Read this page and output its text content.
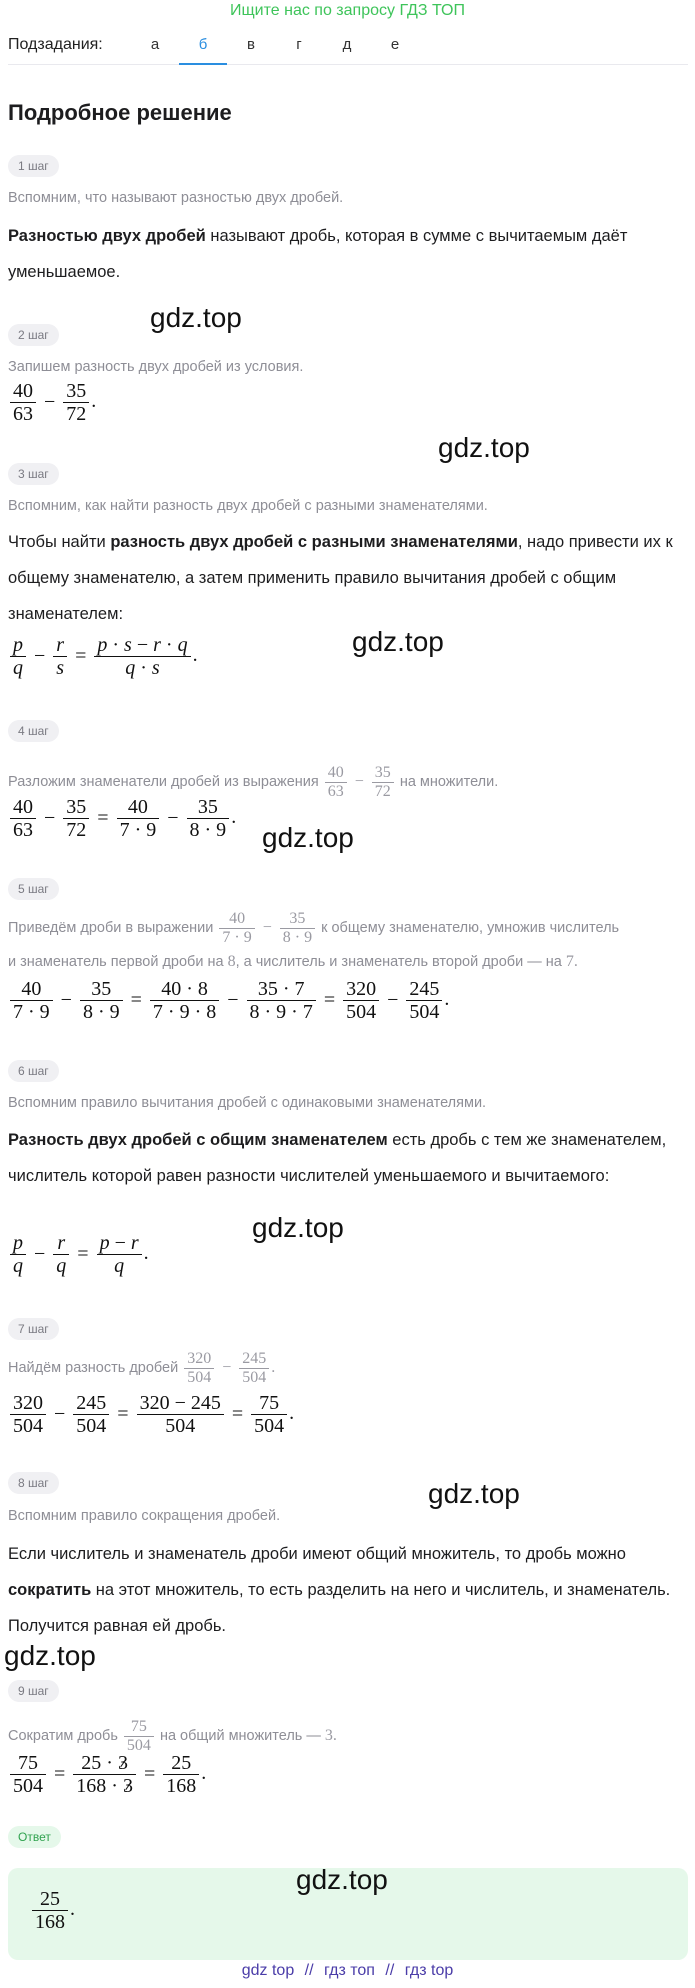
Ищите нас по запросу ГДЗ ТОП
Подзадания:	а	б	в	г	д	е
Подробное решение
1 шаг
Вспомним, что называют разностью двух дробей.
Разностью двух дробей называют дробь, которая в сумме с вычитаемым даёт уменьшаемое.
2 шаг
Запишем разность двух дробей из условия.
$\frac{40}{63} - \frac{35}{72}$ .
3 шаг
Вспомним, как найти разность двух дробей с разными знаменателями.
Чтобы найти разность двух дробей с разными знаменателями, надо привести их к общему знаменателю, а затем применить правило вычитания дробей с общим знаменателем:
$\frac{p}{q} - \frac{r}{s} = \frac{p \cdot s - r \cdot q}{q \cdot s}$ .
4 шаг
Разложим знаменатели дробей из выражения $\frac{40}{63} - \frac{35}{72}$ на множители.
$\frac{40}{63} - \frac{35}{72} = \frac{40}{7 \cdot 9} - \frac{35}{8 \cdot 9}$ .
5 шаг
Приведём дроби в выражении $\frac{40}{7 \cdot 9} - \frac{35}{8 \cdot 9}$ к общему знаменателю, умножив числитель
и знаменатель первой дроби на 8, а числитель и знаменатель второй дроби — на 7.
$\frac{40}{7 \cdot 9} - \frac{35}{8 \cdot 9} = \frac{40 \cdot 8}{7 \cdot 9 \cdot 8} - \frac{35 \cdot 7}{8 \cdot 9 \cdot 7} = \frac{320}{504} - \frac{245}{504}$ .
6 шаг
Вспомним правило вычитания дробей с одинаковыми знаменателями.
Разность двух дробей с общим знаменателем есть дробь с тем же знаменателем, числитель которой равен разности числителей уменьшаемого и вычитаемого:
$\frac{p}{q} - \frac{r}{q} = \frac{p - r}{q}$ .
7 шаг
Найдём разность дробей $\frac{320}{504} - \frac{245}{504}$ .
$\frac{320}{504} - \frac{245}{504} = \frac{320 - 245}{504} = \frac{75}{504}$ .
8 шаг
Вспомним правило сокращения дробей.
Если числитель и знаменатель дроби имеют общий множитель, то дробь можно сократить на этот множитель, то есть разделить на него и числитель, и знаменатель. Получится равная ей дробь.
9 шаг
Сократим дробь $\frac{75}{504}$ на общий множитель — 3.
$\frac{75}{504} = \frac{25 \cdot 3}{168 \cdot 3} = \frac{25}{168}$ .
Ответ
$\frac{25}{168}$ .
gdz.top
gdz.top
gdz.top
gdz.top
gdz.top
gdz.top
gdz.top
gdz.top
gdz top // гдз топ // гдз top
